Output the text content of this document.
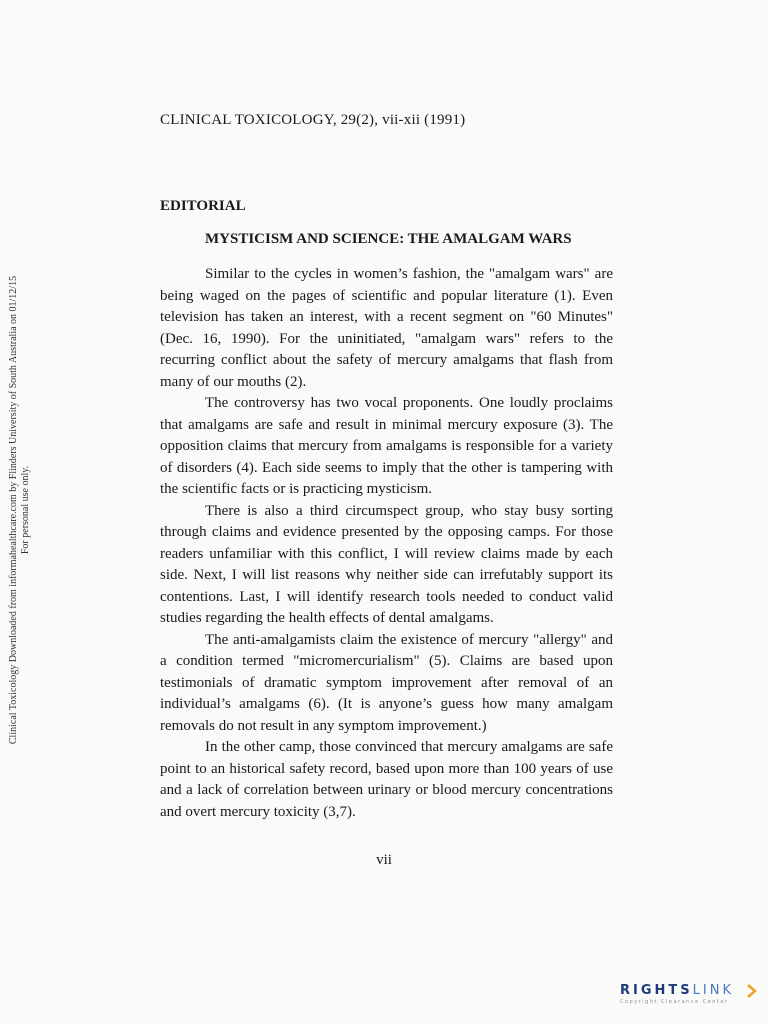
Clinical Toxicology Downloaded from informahealthcare.com by Flinders University of South Australia on 01/12/15 For personal use only.
CLINICAL TOXICOLOGY, 29(2), vii-xii (1991)
EDITORIAL
MYSTICISM AND SCIENCE: THE AMALGAM WARS

Similar to the cycles in women’s fashion, the "amalgam wars" are being waged on the pages of scientific and popular literature (1). Even television has taken an interest, with a recent segment on "60 Minutes" (Dec. 16, 1990). For the uninitiated, "amalgam wars" refers to the recurring conflict about the safety of mercury amalgams that flash from many of our mouths (2).

The controversy has two vocal proponents. One loudly proclaims that amalgams are safe and result in minimal mercury exposure (3). The opposition claims that mercury from amalgams is responsible for a variety of disorders (4). Each side seems to imply that the other is tampering with the scientific facts or is practicing mysticism.

There is also a third circumspect group, who stay busy sorting through claims and evidence presented by the opposing camps. For those readers unfamiliar with this conflict, I will review claims made by each side. Next, I will list reasons why neither side can irrefutably support its contentions. Last, I will identify research tools needed to conduct valid studies regarding the health effects of dental amalgams.

The anti-amalgamists claim the existence of mercury "allergy" and a condition termed "micromercurialism" (5). Claims are based upon testimonials of dramatic symptom improvement after removal of an individual’s amalgams (6). (It is anyone’s guess how many amalgam removals do not result in any symptom improvement.)

In the other camp, those convinced that mercury amalgams are safe point to an historical safety record, based upon more than 100 years of use and a lack of correlation between urinary or blood mercury concentrations and overt mercury toxicity (3,7).

vii
RIGHTSLINK
Copyright Clearance Center
